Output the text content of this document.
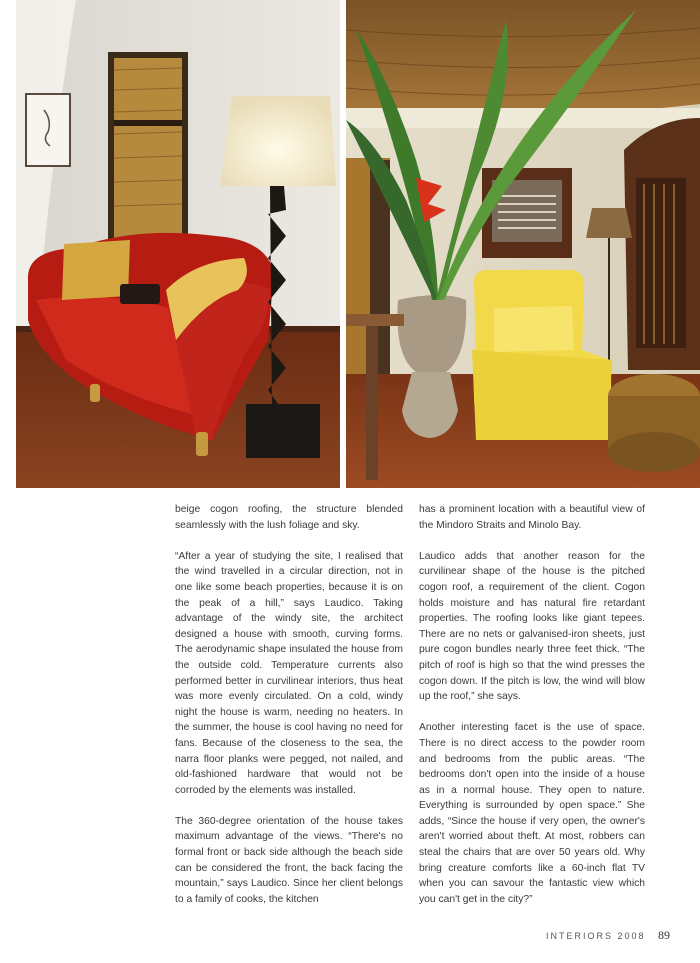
beige cogon roofing, the structure blended seamlessly with the lush foliage and sky.

“After a year of studying the site, I realised that the wind travelled in a circular direction, not in one like some beach properties, because it is on the peak of a hill,” says Laudico. Taking advantage of the windy site, the architect designed a house with smooth, curving forms. The aerodynamic shape insulated the house from the outside cold. Temperature currents also performed better in curvilinear interiors, thus heat was more evenly circulated. On a cold, windy night the house is warm, needing no heaters. In the summer, the house is cool having no need for fans. Because of the closeness to the sea, the narra floor planks were pegged, not nailed, and old-fashioned hardware that would not be corroded by the elements was installed.

The 360-degree orientation of the house takes maximum advantage of the views. “There's no formal front or back side although the beach side can be considered the front, the back facing the mountain,” says Laudico. Since her client belongs to a family of cooks, the kitchen

has a prominent location with a beautiful view of the Mindoro Straits and Minolo Bay.

Laudico adds that another reason for the curvilinear shape of the house is the pitched cogon roof, a requirement of the client. Cogon holds moisture and has natural fire retardant properties. The roofing looks like giant tepees. There are no nets or galvanised-iron sheets, just pure cogon bundles nearly three feet thick. “The pitch of roof is high so that the wind presses the cogon down. If the pitch is low, the wind will blow up the roof,” she says.

Another interesting facet is the use of space. There is no direct access to the powder room and bedrooms from the public areas. “The bedrooms don't open into the inside of a house as in a normal house. They open to nature. Everything is surrounded by open space.” She adds, “Since the house if very open, the owner's aren't worried about theft. At most, robbers can steal the chairs that are over 50 years old. Why bring creature comforts like a 60-inch flat TV when you can savour the fantastic view which you can't get in the city?”

INTERIORS 2008 89
